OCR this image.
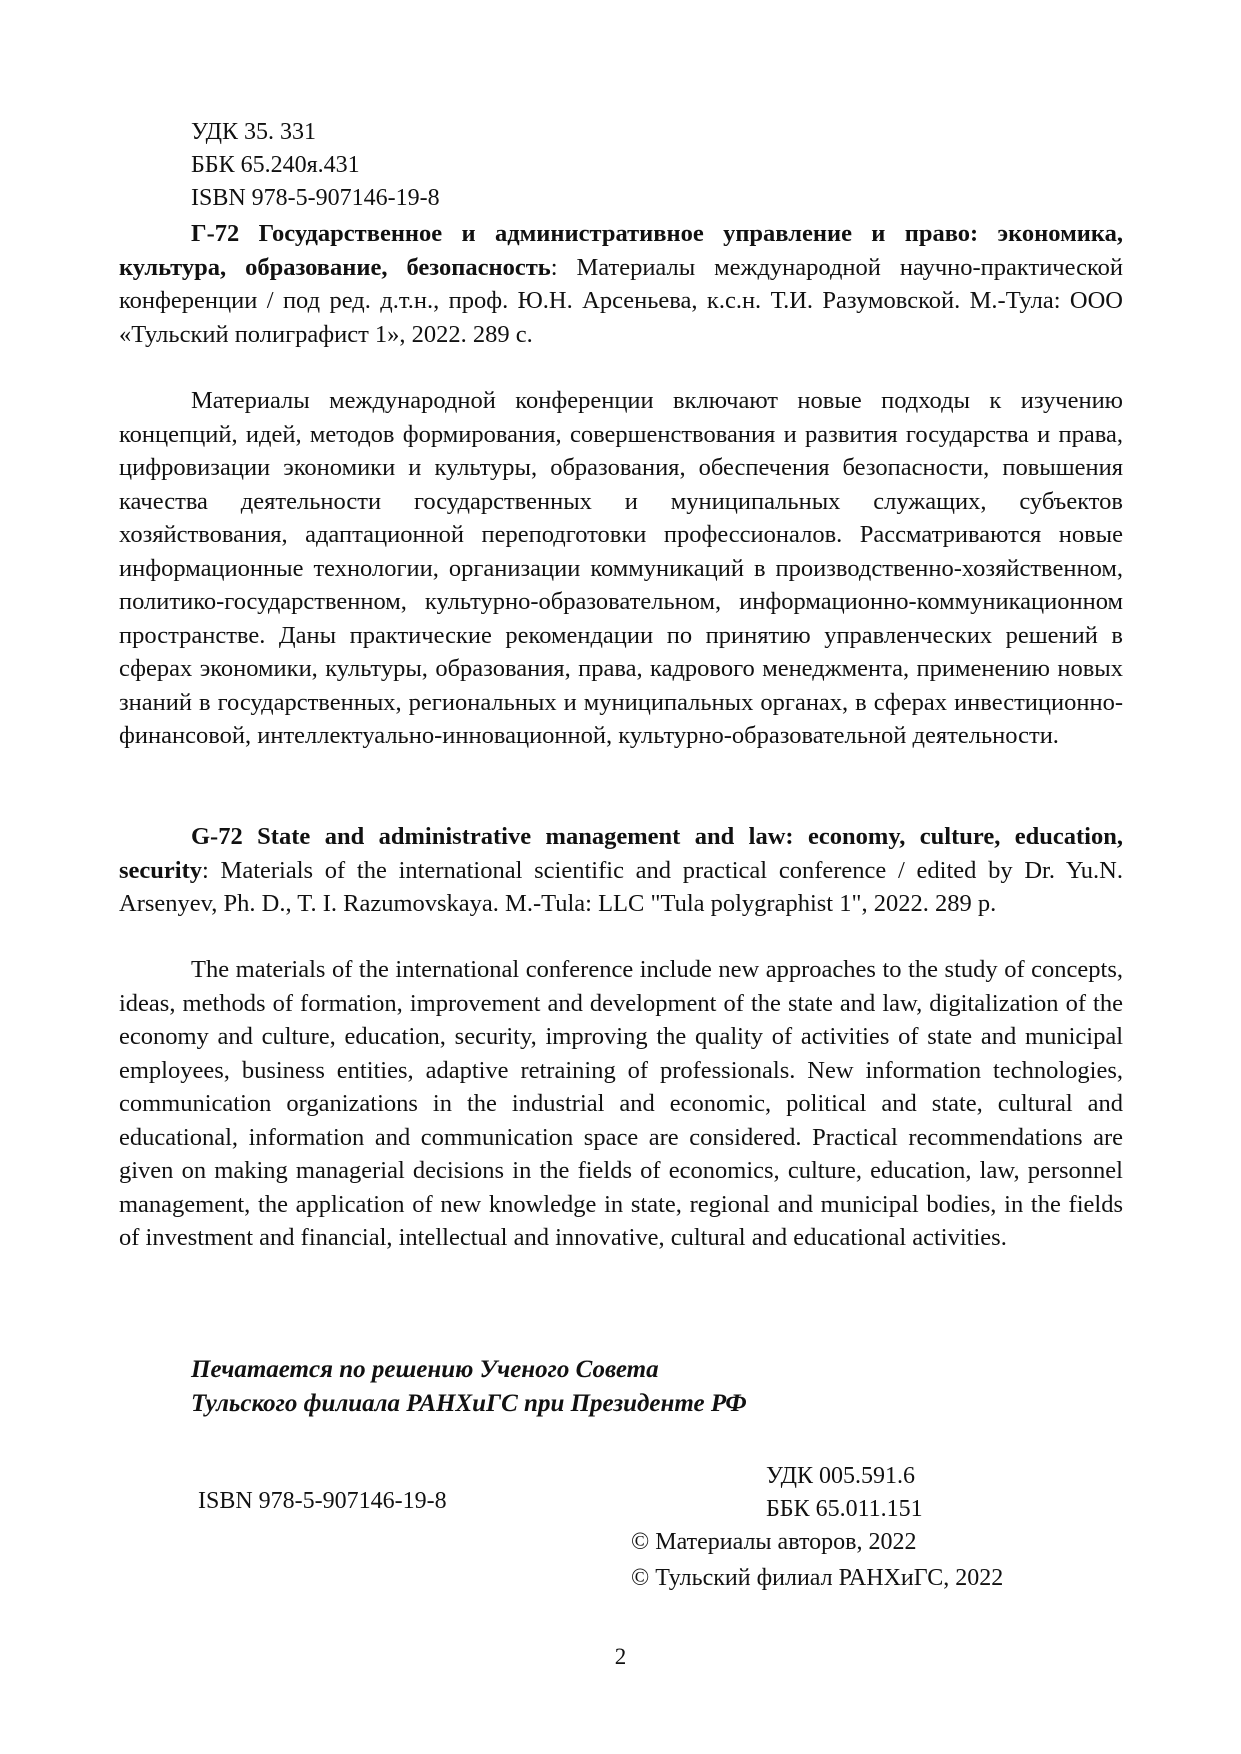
УДК 35. 331
ББК 65.240я.431
ISBN 978-5-907146-19-8

Г-72 Государственное и административное управление и право: экономика, культура, образование, безопасность: Материалы международной научно-практической конференции / под ред. д.т.н., проф. Ю.Н. Арсеньева, к.с.н. Т.И. Разумовской. М.-Тула: ООО «Тульский полиграфист 1», 2022. 289 с.

Материалы международной конференции включают новые подходы к изучению концепций, идей, методов формирования, совершенствования и развития государства и права, цифровизации экономики и культуры, образования, обеспечения безопасности, повышения качества деятельности государственных и муниципальных служащих, субъектов хозяйствования, адаптационной переподготовки профессионалов. Рассматриваются новые информационные технологии, организации коммуникаций в производственно-хозяйственном, политико-государственном, культурно-образовательном, информационно-коммуникационном пространстве. Даны практические рекомендации по принятию управленческих решений в сферах экономики, культуры, образования, права, кадрового менеджмента, применению новых знаний в государственных, региональных и муниципальных органах, в сферах инвестиционно-финансовой, интеллектуально-инновационной, культурно-образовательной деятельности.

G-72 State and administrative management and law: economy, culture, education, security: Materials of the international scientific and practical conference / edited by Dr. Yu.N. Arsenyev, Ph. D., T. I. Razumovskaya. M.-Tula: LLC "Tula polygraphist 1", 2022. 289 p.

The materials of the international conference include new approaches to the study of concepts, ideas, methods of formation, improvement and development of the state and law, digitalization of the economy and culture, education, security, improving the quality of activities of state and municipal employees, business entities, adaptive retraining of professionals. New information technologies, communication organizations in the industrial and economic, political and state, cultural and educational, information and communication space are considered. Practical recommendations are given on making managerial decisions in the fields of economics, culture, education, law, personnel management, the application of new knowledge in state, regional and municipal bodies, in the fields of investment and financial, intellectual and innovative, cultural and educational activities.

Печатается по решению Ученого Совета
Тульского филиала РАНХиГС при Президенте РФ
ISBN 978-5-907146-19-8
УДК 005.591.6
ББК 65.011.151
© Материалы авторов, 2022
© Тульский филиал РАНХиГС, 2022
2
